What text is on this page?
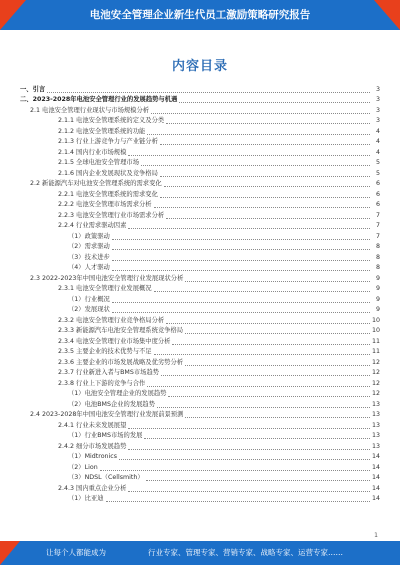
电池安全管理企业新生代员工激励策略研究报告
内容目录
一、引言	3
二、2023-2028年电池安全管理行业的发展趋势与机遇	3
2.1 电池安全管理行业现状与市场规模分析	3
2.1.1 电池安全管理系统的定义及分类	3
2.1.2 电池安全管理系统的功能	4
2.1.3 行业上游竞争力与产业链分析	4
2.1.4 国内行业市场规模	4
2.1.5 全球电池安全管理市场	5
2.1.6 国内企业发展现状及竞争格局	5
2.2 新能源汽车对电池安全管理系统的需求变化	6
2.2.1 电池安全管理系统的需求变化	6
2.2.2 电池安全管理市场需求分析	6
2.2.3 电池安全管理行业市场需求分析	7
2.2.4 行业需求驱动因素	7
（1）政策驱动	7
（2）需求驱动	8
（3）技术进步	8
（4）人才驱动	8
2.3 2022-2023年中国电池安全管理行业发展现状分析	9
2.3.1 电池安全管理行业发展概况	9
（1）行业概况	9
（2）发展现状	9
2.3.2 电池安全管理行业竞争格局分析	10
2.3.3 新能源汽车电池安全管理系统竞争格局	10
2.3.4 电池安全管理行业市场集中度分析	11
2.3.5 主要企业的技术优势与不足	11
2.3.6 主要企业的市场发展战略及优劣势分析	12
2.3.7 行业新进入者与BMS市场趋势	12
2.3.8 行业上下游的竞争与合作	12
（1）电池安全管理企业的发展趋势	12
（2）电池BMS企业的发展趋势	13
2.4 2023-2028年中国电池安全管理行业发展前景预测	13
2.4.1 行业未来发展展望	13
（1）行业BMS市场的发展	13
2.4.2 细分市场发展趋势	13
（1）Midtronics	14
（2）Lion	14
（3）NDSL（Cellsmith）	14
2.4.3 国内重点企业分析	14
（1）比亚迪	14
1
让每个人都能成为	行业专家、管理专家、营销专家、战略专家、运营专家……
